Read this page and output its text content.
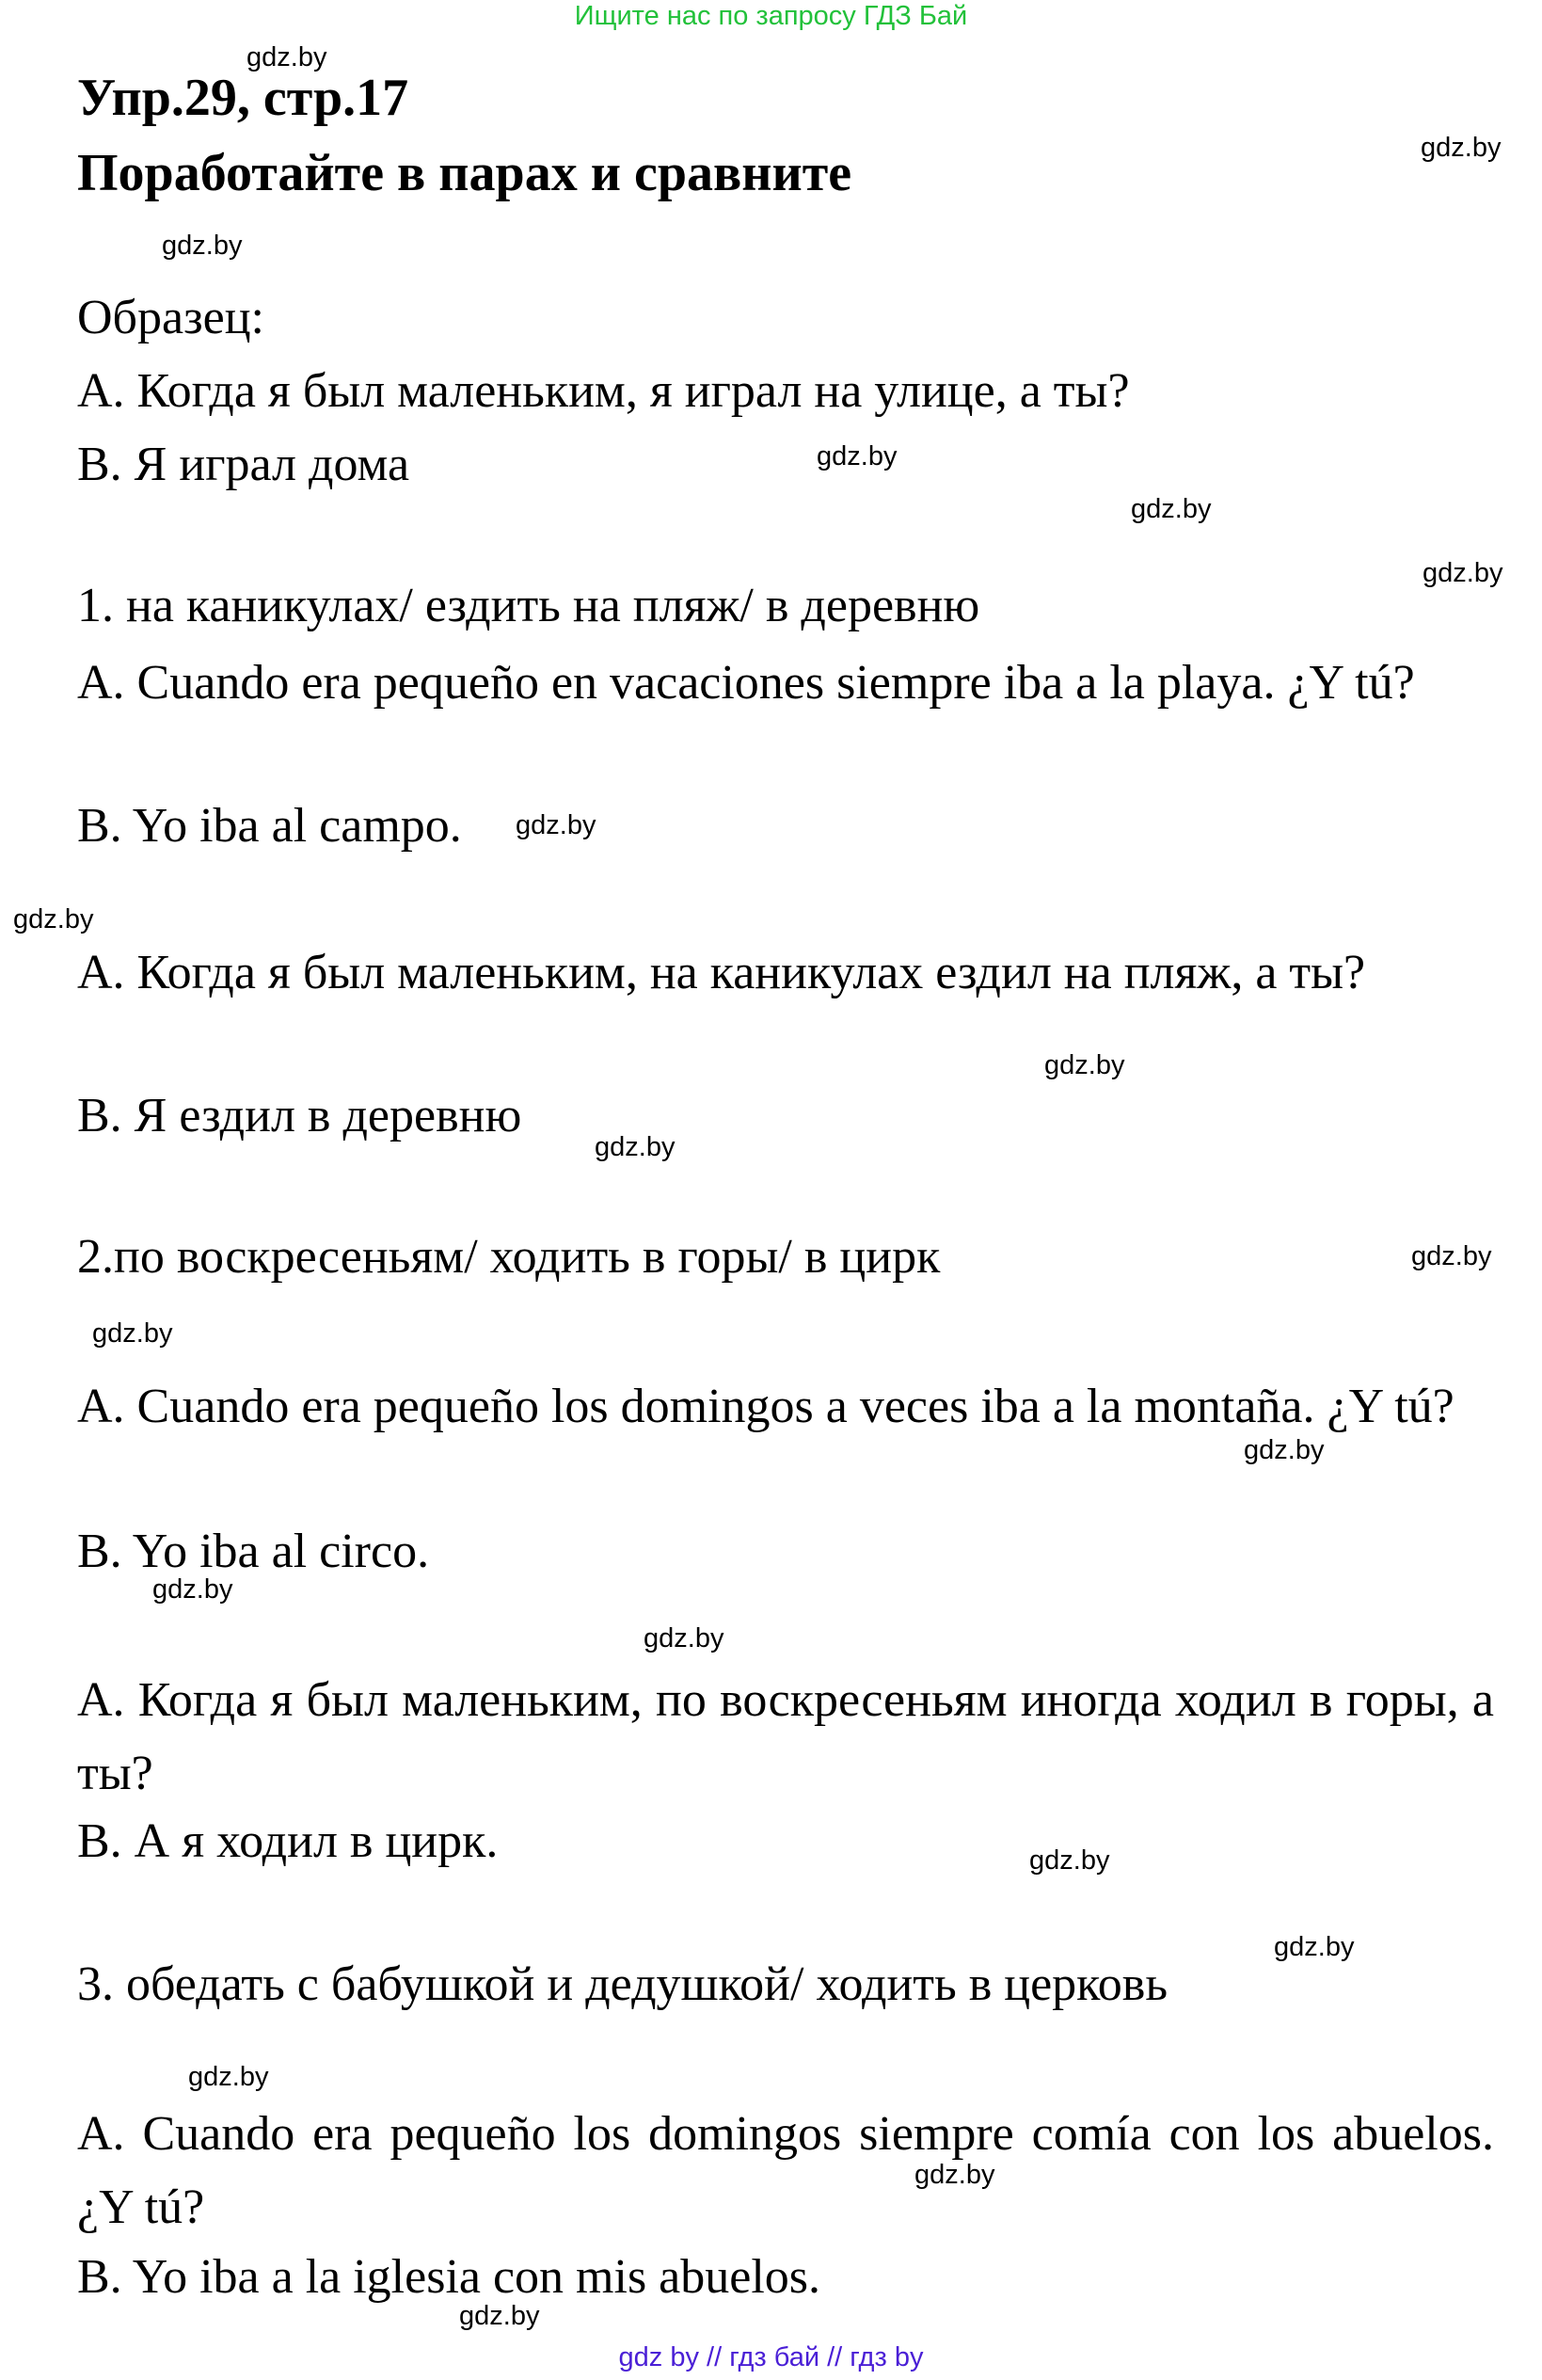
Ищите нас по запросу ГДЗ Бай
Упр.29, стр.17
Поработайте в парах и сравните
Образец:
А. Когда я был маленьким, я играл на улице, а ты?
В. Я играл дома
1. на каникулах/ ездить на пляж/ в деревню
A. Cuando era pequeño en vacaciones siempre iba a la playa. ¿Y tú?
B. Yo iba al campo.
А. Когда я был маленьким, на каникулах ездил на пляж, а ты?
В. Я ездил в деревню
2.по воскресеньям/ ходить в горы/ в цирк
A. Cuando era pequeño los domingos a veces iba a la montaña. ¿Y tú?
B. Yo iba al circo.
А. Когда я был маленьким, по воскресеньям иногда ходил в горы, а ты?
В. А я ходил в цирк.
3. обедать с бабушкой и дедушкой/ ходить в церковь
A. Cuando era pequeño los domingos siempre comía con los abuelos. ¿Y tú?
B. Yo iba a la iglesia con mis abuelos.
gdz.by
gdz.by
gdz.by
gdz.by
gdz.by
gdz.by
gdz.by
gdz.by
gdz.by
gdz.by
gdz.by
gdz.by
gdz.by
gdz.by
gdz.by
gdz.by
gdz.by
gdz.by
gdz.by
gdz.by
gdz by // гдз бай // гдз by
